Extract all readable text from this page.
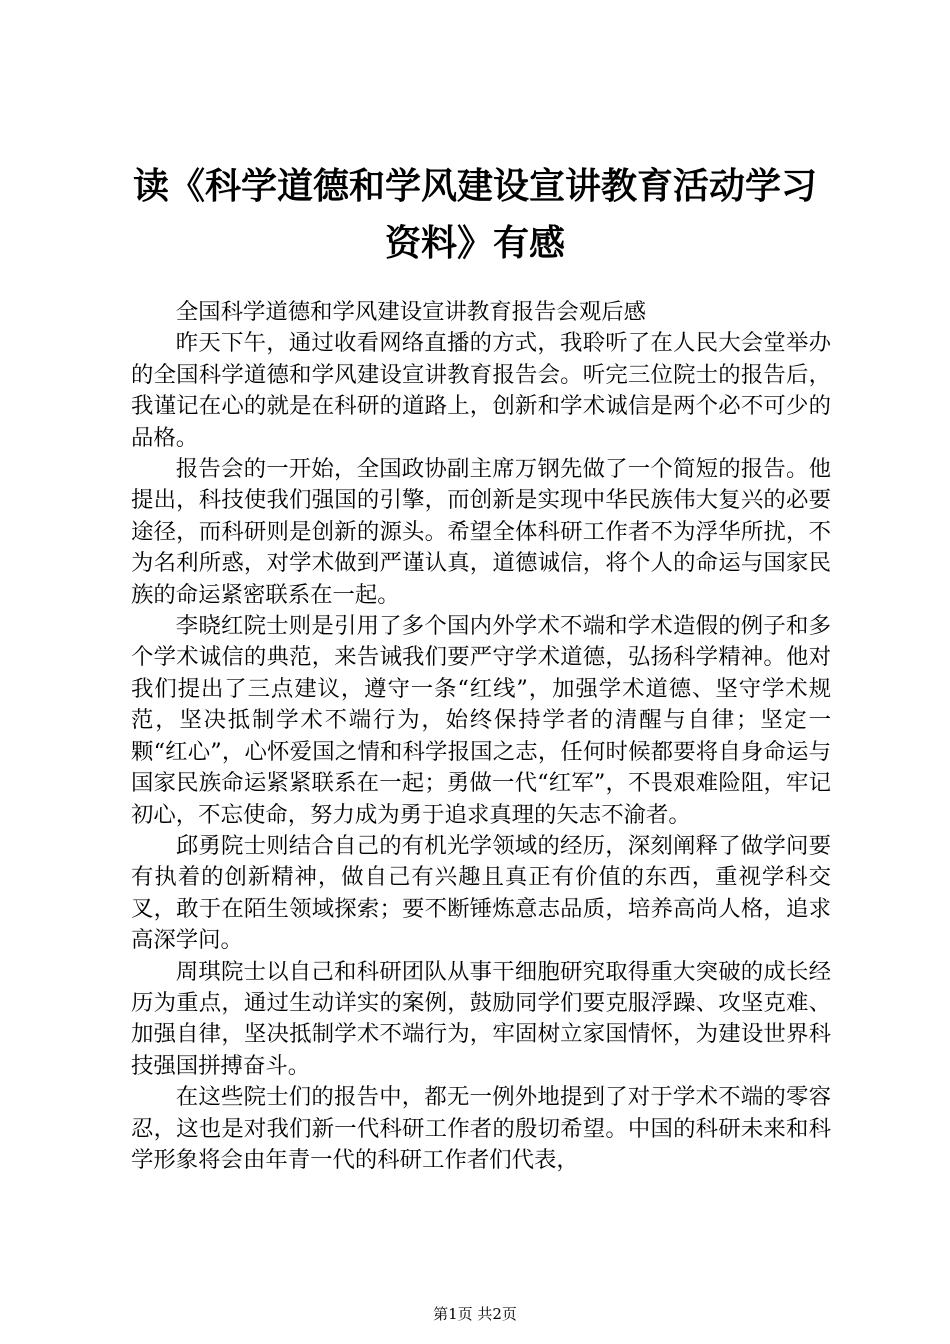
读《科学道德和学风建设宣讲教育活动学习资料》有感

全国科学道德和学风建设宣讲教育报告会观后感

昨天下午，通过收看网络直播的方式，我聆听了在人民大会堂举办的全国科学道德和学风建设宣讲教育报告会。听完三位院士的报告后，我谨记在心的就是在科研的道路上，创新和学术诚信是两个必不可少的品格。

报告会的一开始，全国政协副主席万钢先做了一个简短的报告。他提出，科技使我们强国的引擎，而创新是实现中华民族伟大复兴的必要途径，而科研则是创新的源头。希望全体科研工作者不为浮华所扰，不为名利所惑，对学术做到严谨认真，道德诚信，将个人的命运与国家民族的命运紧密联系在一起。

李晓红院士则是引用了多个国内外学术不端和学术造假的例子和多个学术诚信的典范，来告诫我们要严守学术道德，弘扬科学精神。他对我们提出了三点建议，遵守一条“红线”，加强学术道德、坚守学术规范，坚决抵制学术不端行为，始终保持学者的清醒与自律；坚定一颗“红心”，心怀爱国之情和科学报国之志，任何时候都要将自身命运与国家民族命运紧紧联系在一起；勇做一代“红军”，不畏艰难险阻，牢记初心，不忘使命，努力成为勇于追求真理的矢志不渝者。

邱勇院士则结合自己的有机光学领域的经历，深刻阐释了做学问要有执着的创新精神，做自己有兴趣且真正有价值的东西，重视学科交叉，敢于在陌生领域探索；要不断锤炼意志品质，培养高尚人格，追求高深学问。

周琪院士以自己和科研团队从事干细胞研究取得重大突破的成长经历为重点，通过生动详实的案例，鼓励同学们要克服浮躁、攻坚克难、加强自律，坚决抵制学术不端行为，牢固树立家国情怀，为建设世界科技强国拼搏奋斗。

在这些院士们的报告中，都无一例外地提到了对于学术不端的零容忍，这也是对我们新一代科研工作者的殷切希望。中国的科研未来和科学形象将会由年青一代的科研工作者们代表，

第1页 共2页
